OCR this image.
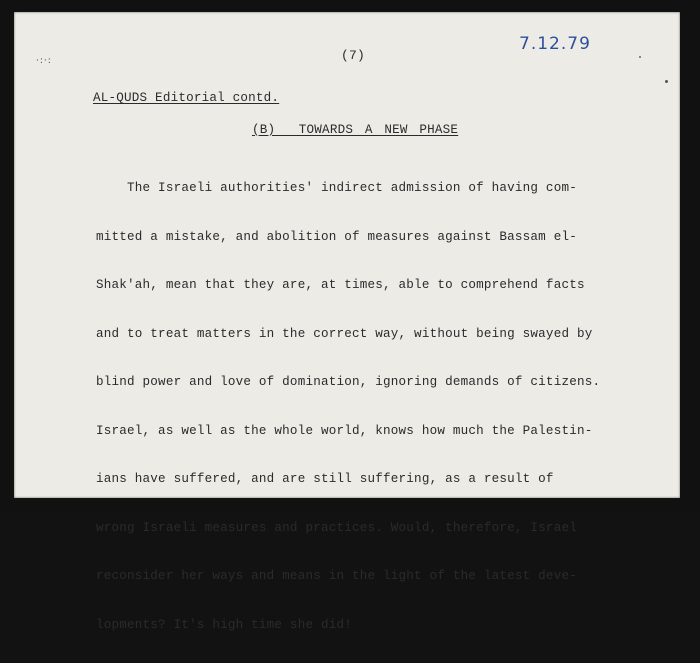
·:·:	(7)
7.12.79
AL-QUDS Editorial contd.
(B)  TOWARDS A NEW PHASE

The Israeli authorities' indirect admission of having com-

mitted a mistake, and abolition of measures against Bassam el-

Shak'ah, mean that they are, at times, able to comprehend facts

and to treat matters in the correct way, without being swayed by

blind power and love of domination, ignoring demands of citizens.

Israel, as well as the whole world, knows how much the Palestin-

ians have suffered, and are still suffering, as a result of

wrong Israeli measures and practices. Would, therefore, Israel

reconsider her ways and means in the light of the latest deve-

lopments? It's high time she did!
